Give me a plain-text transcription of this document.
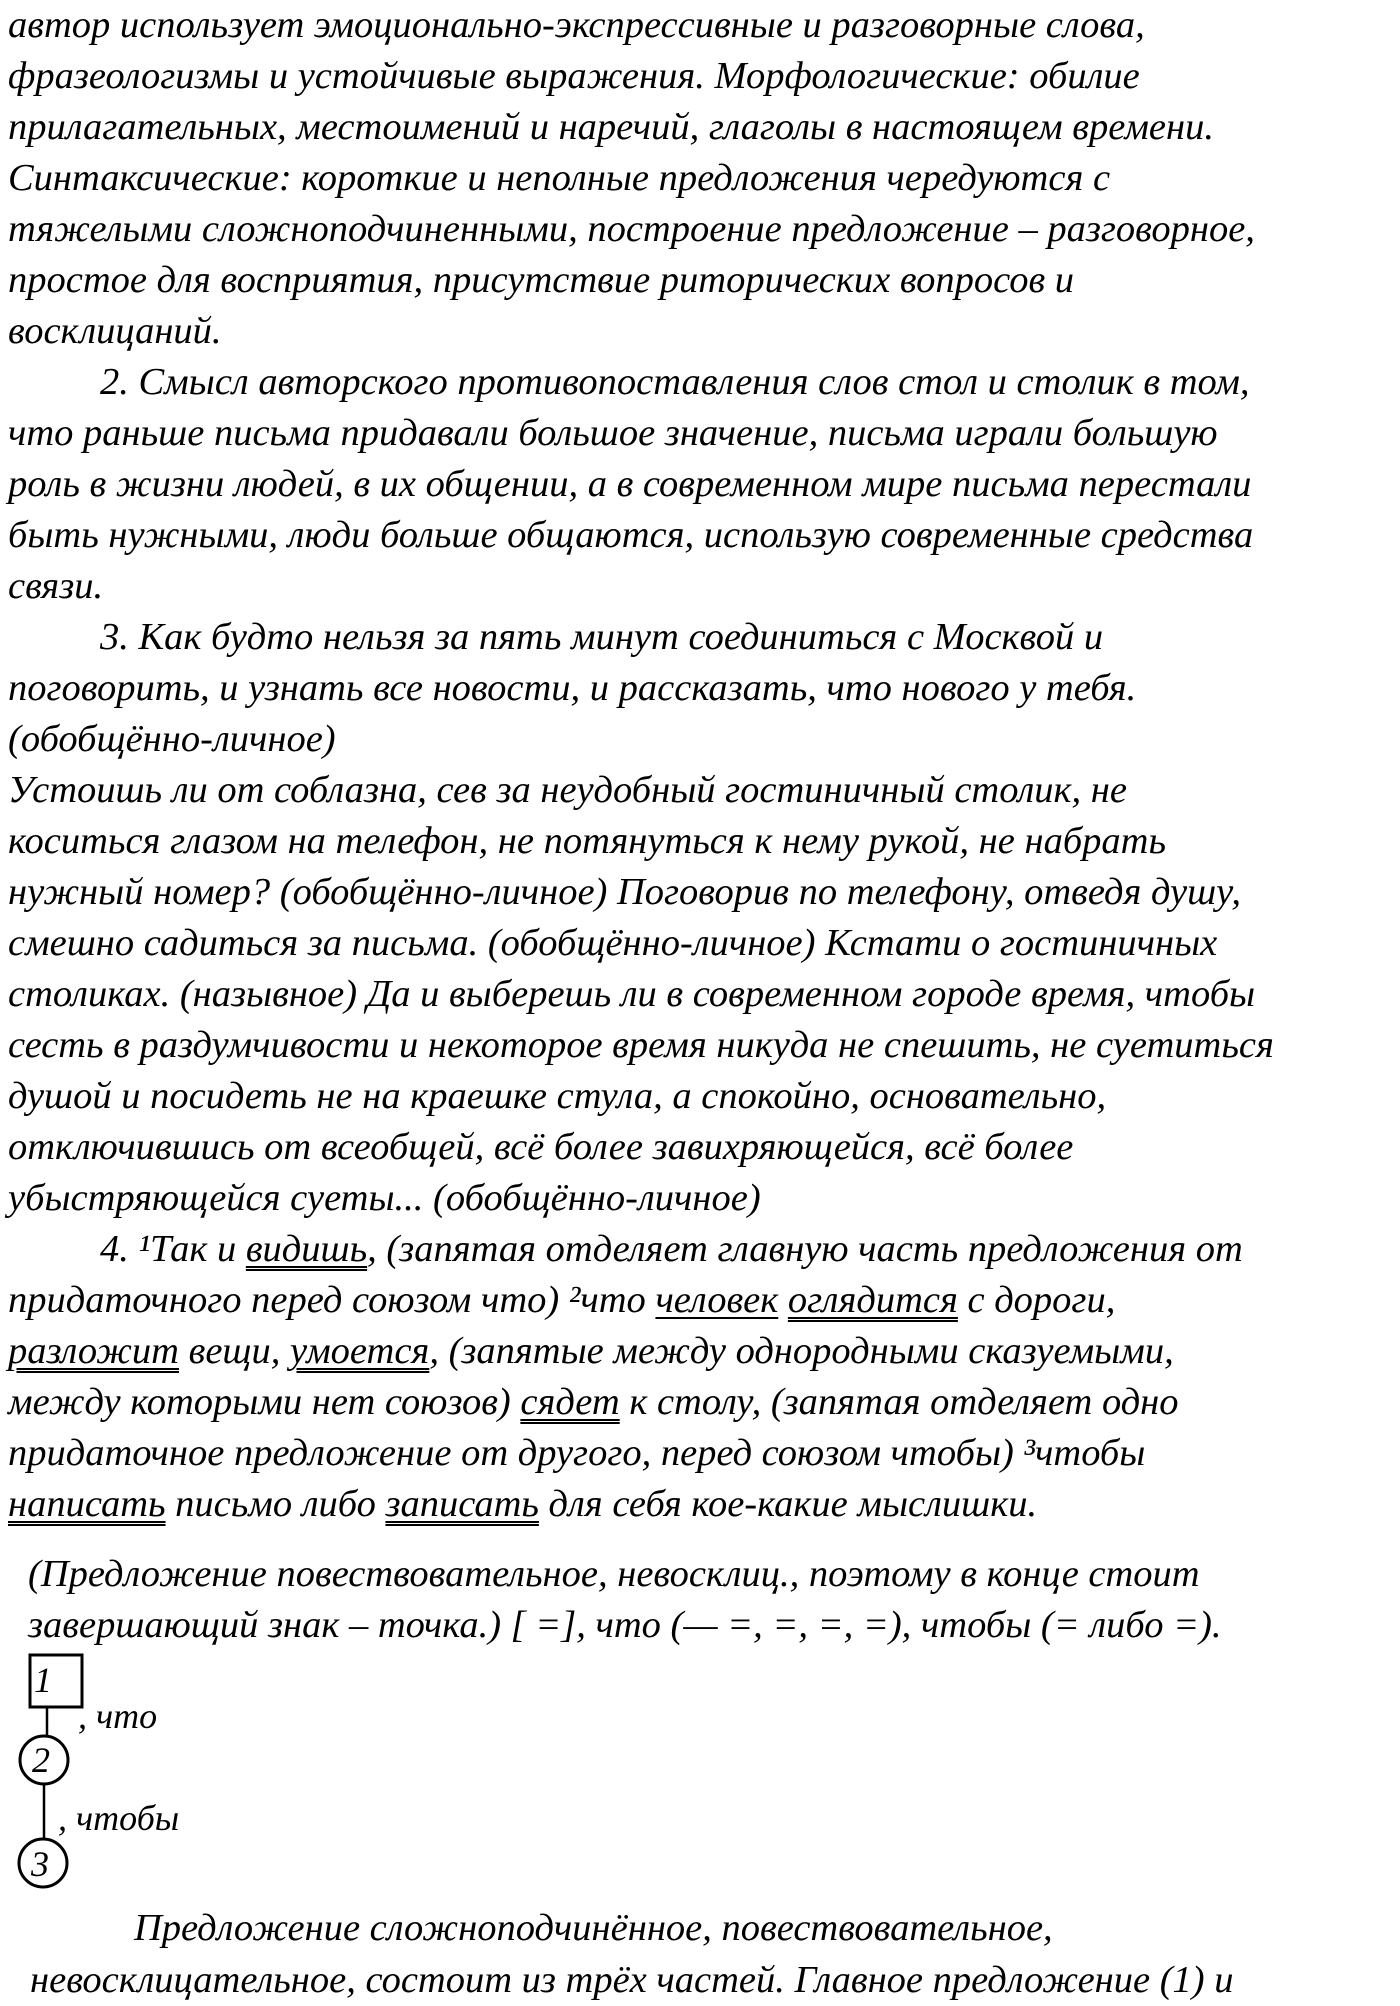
автор использует эмоционально-экспрессивные и разговорные слова,
фразеологизмы и устойчивые выражения. Морфологические: обилие
прилагательных, местоимений и наречий, глаголы в настоящем времени.
Синтаксические: короткие и неполные предложения чередуются с
тяжелыми сложноподчиненными, построение предложение – разговорное,
простое для восприятия, присутствие риторических вопросов и
восклицаний.
2. Смысл авторского противопоставления слов стол и столик в том,
что раньше письма придавали большое значение, письма играли большую
роль в жизни людей, в их общении, а в современном мире письма перестали
быть нужными, люди больше общаются, использую современные средства
связи.
3. Как будто нельзя за пять минут соединиться с Москвой и
поговорить, и узнать все новости, и рассказать, что нового у тебя.
(обобщённо-личное)
Устоишь ли от соблазна, сев за неудобный гостиничный столик, не
коситься глазом на телефон, не потянуться к нему рукой, не набрать
нужный номер? (обобщённо-личное) Поговорив по телефону, отведя душу,
смешно садиться за письма. (обобщённо-личное) Кстати о гостиничных
столиках. (назывное) Да и выберешь ли в современном городе время, чтобы
сесть в раздумчивости и некоторое время никуда не спешить, не суетиться
душой и посидеть не на краешке стула, а спокойно, основательно,
отключившись от всеобщей, всё более завихряющейся, всё более
убыстряющейся суеты... (обобщённо-личное)
4. ¹Так и видишь, (запятая отделяет главную часть предложения от
придаточного перед союзом что) ²что человек оглядится с дороги,
разложит вещи, умоется, (запятые между однородными сказуемыми,
между которыми нет союзов) сядет к столу, (запятая отделяет одно
придаточное предложение от другого, перед союзом чтобы) ³чтобы
написать письмо либо записать для себя кое-какие мыслишки.
(Предложение повествовательное, невосклиц., поэтому в конце стоит
завершающий знак – точка.) [ =], что (— =, =, =, =), чтобы (= либо =).
1
, что
2
, чтобы
3
Предложение сложноподчинённое, повествовательное,
невосклицательное, состоит из трёх частей. Главное предложение (1) и
